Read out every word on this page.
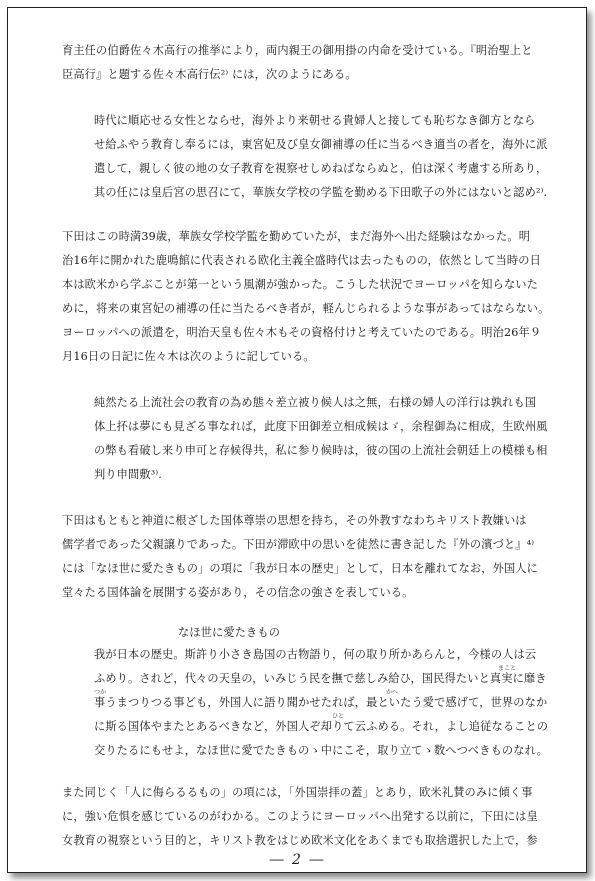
育主任の伯爵佐々木高行の推挙により，両内親王の御用掛の内命を受けている。『明治聖上と
臣高行』と題する佐々木高行伝²⁾ には，次のようにある。
時代に順応せる女性とならせ，海外より来朝せる貴婦人と接しても恥ぢなき御方となら
せ給ふやう教育し奉るには，東宮妃及び皇女御補導の任に当るべき適当の者を，海外に派
遣して，親しく彼の地の女子教育を視察せしめねばならぬと，伯は深く考慮する所あり，
其の任には皇后宮の思召にて，華族女学校の学監を勤める下田歌子の外にはないと認め²⁾.
下田はこの時満39歳，華族女学校学監を勤めていたが，まだ海外へ出た経験はなかった。明
治16年に開かれた鹿鳴館に代表される欧化主義全盛時代は去ったものの，依然として当時の日
本は欧米から学ぶことが第一という風潮が強かった。こうした状況でヨーロッパを知らないた
めに，将来の東宮妃の補導の任に当たるべき者が，軽んじられるような事があってはならない。
ヨーロッパへの派遣を，明治天皇も佐々木もその資格付けと考えていたのである。明治26年９
月16日の日記に佐々木は次のように記している。
純然たる上流社会の教育の為め態々差立被り候人は之無，右様の婦人の洋行は孰れも国
体上抔は夢にも見ざる事なれば，此度下田御差立相成候はゞ，余程御為に相成，生欧州風
の弊も看破し来り申可と存候得共，私に参り候時は，彼の国の上流社会朝廷上の模様も相
判り申間敷³⁾.
下田はもともと神道に根ざした国体尊崇の思想を持ち，その外教すなわちキリスト教嫌いは
儒学者であった父親譲りであった。下田が滞欧中の思いを徒然に書き記した『外の濱づと』⁴⁾
には「なほ世に愛たきもの」の項に「我が日本の歴史」として，日本を離れてなお，外国人に
堂々たる国体論を展開する姿があり，その信念の強さを表している。
なほ世に愛たきもの
我が日本の歴史。斯許り小さき島国の古物語り，何の取り所かあらんと，今様の人は云
ふめり。されど，代々の天皇の，いみじう民を撫で慈しみ給ひ，国民得たいと真実に靡き
事うまつりつる事ども，外国人に語り聞かせたれば，最といたう愛で感げて，世界のなか
に斯る国体やまたとあるべきなど，外国人ぞ却りて云ふめる。それ，よし追従なることの
交りたるにもせよ，なほ世に愛でたきものゝ中にこそ，取り立てゝ数へつべきものなれ。
まこと
つか	かへ
ひと
― 2 ―
また同じく「人に侮らるるもの」の項には，「外国崇拝の蓋」とあり，欧米礼賛のみに傾く事
に，強い危惧を感じているのがわかる。このようにヨーロッパへ出発する以前に，下田には皇
女教育の視察という目的と，キリスト教をはじめ欧米文化をあくまでも取捨選択した上で，参
